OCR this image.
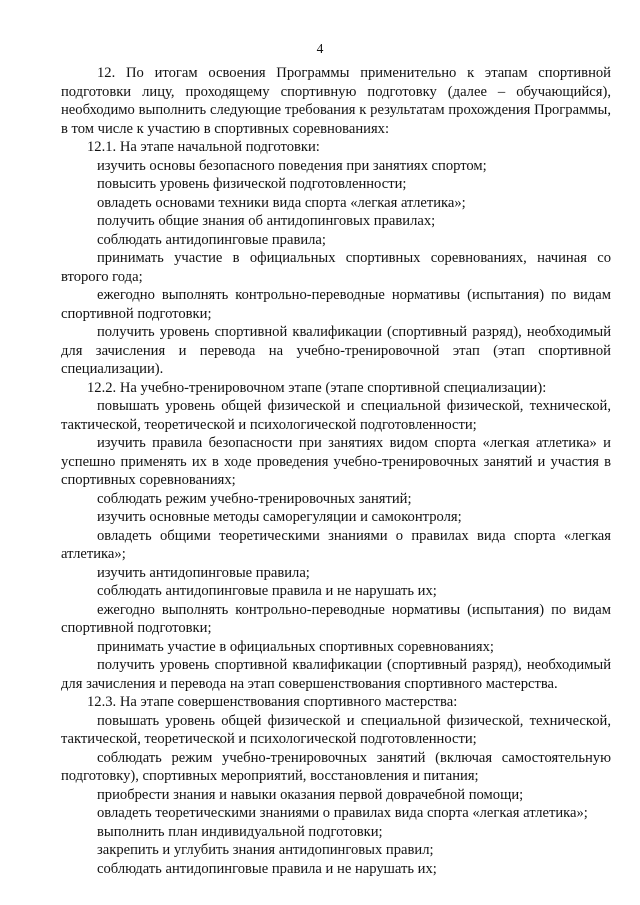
4

12. По итогам освоения Программы применительно к этапам спортивной подготовки лицу, проходящему спортивную подготовку (далее – обучающийся), необходимо выполнить следующие требования к результатам прохождения Программы, в том числе к участию в спортивных соревнованиях:

12.1. На этапе начальной подготовки:

изучить основы безопасного поведения при занятиях спортом;

повысить уровень физической подготовленности;

овладеть основами техники вида спорта «легкая атлетика»;

получить общие знания об антидопинговых правилах;

соблюдать антидопинговые правила;

принимать участие в официальных спортивных соревнованиях, начиная со второго года;

ежегодно выполнять контрольно-переводные нормативы (испытания) по видам спортивной подготовки;

получить уровень спортивной квалификации (спортивный разряд), необходимый для зачисления и перевода на учебно-тренировочной этап (этап спортивной специализации).

12.2. На учебно-тренировочном этапе (этапе спортивной специализации):

повышать уровень общей физической и специальной физической, технической, тактической, теоретической и психологической подготовленности;

изучить правила безопасности при занятиях видом спорта «легкая атлетика» и успешно применять их в ходе проведения учебно-тренировочных занятий и участия в спортивных соревнованиях;

соблюдать режим учебно-тренировочных занятий;

изучить основные методы саморегуляции и самоконтроля;

овладеть общими теоретическими знаниями о правилах вида спорта «легкая атлетика»;

изучить антидопинговые правила;

соблюдать антидопинговые правила и не нарушать их;

ежегодно выполнять контрольно-переводные нормативы (испытания) по видам спортивной подготовки;

принимать участие в официальных спортивных соревнованиях;

получить уровень спортивной квалификации (спортивный разряд), необходимый для зачисления и перевода на этап совершенствования спортивного мастерства.

12.3. На этапе совершенствования спортивного мастерства:

повышать уровень общей физической и специальной физической, технической, тактической, теоретической и психологической подготовленности;

соблюдать режим учебно-тренировочных занятий (включая самостоятельную подготовку), спортивных мероприятий, восстановления и питания;

приобрести знания и навыки оказания первой доврачебной помощи;

овладеть теоретическими знаниями о правилах вида спорта «легкая атлетика»;

выполнить план индивидуальной подготовки;

закрепить и углубить знания антидопинговых правил;

соблюдать антидопинговые правила и не нарушать их;
